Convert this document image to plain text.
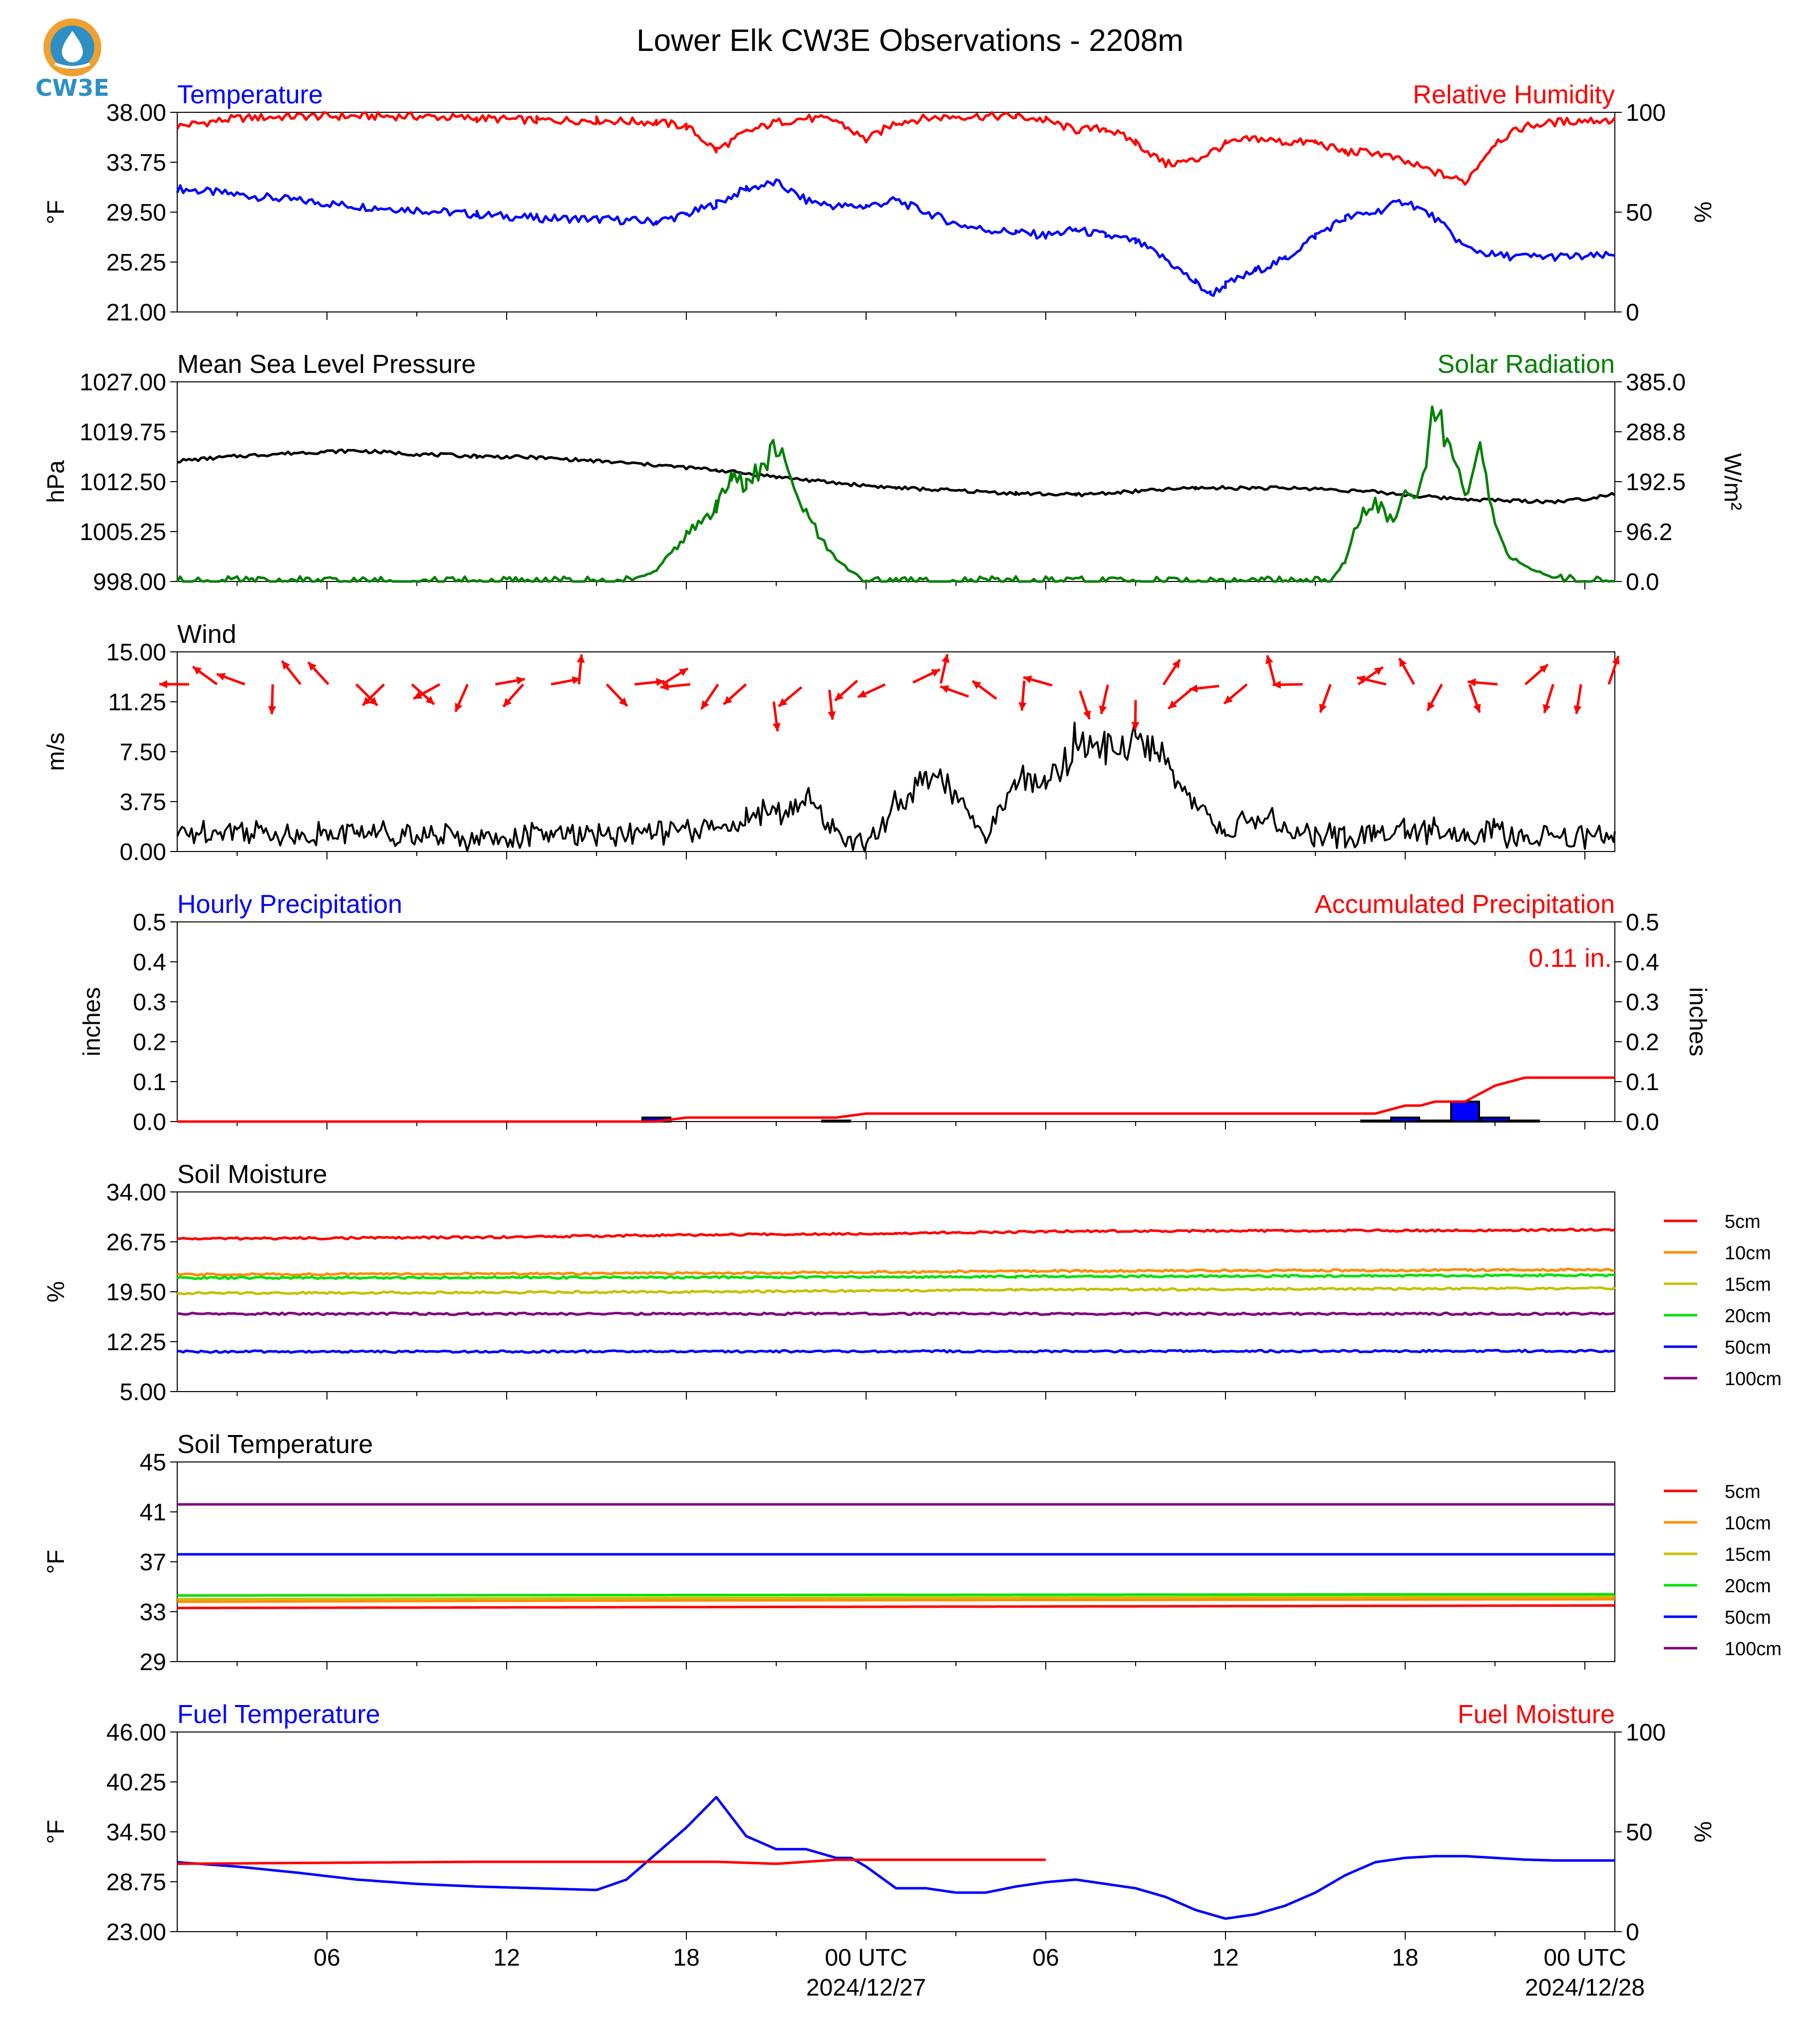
CW3E
Lower Elk CW3E Observations - 2208m
Temperature	Relative Humidity
38.00
33.75
29.50
25.25
21.00
100
50
0
°F	%
Mean Sea Level Pressure	Solar Radiation
1027.00
1019.75
1012.50
1005.25
998.00
385.0
288.8
192.5
96.2
0.0
hPa	W/m²
Wind
15.00
11.25
7.50
3.75
0.00
m/s
Hourly Precipitation	Accumulated Precipitation
0.5
0.4
0.3
0.2
0.1
0.0
0.5
0.4
0.3
0.2
0.1
0.0
inches	inches
0.11 in.
Soil Moisture
34.00
26.75
19.50
12.25
5.00
%
5cm
10cm
15cm
20cm
50cm
100cm
Soil Temperature
45
41
37
33
29
°F
5cm
10cm
15cm
20cm
50cm
100cm
Fuel Temperature	Fuel Moisture
46.00
40.25
34.50
28.75
23.00
100
50
0
°F	%
06	12	18	00 UTC	06	12	18	00 UTC
2024/12/27	2024/12/28
